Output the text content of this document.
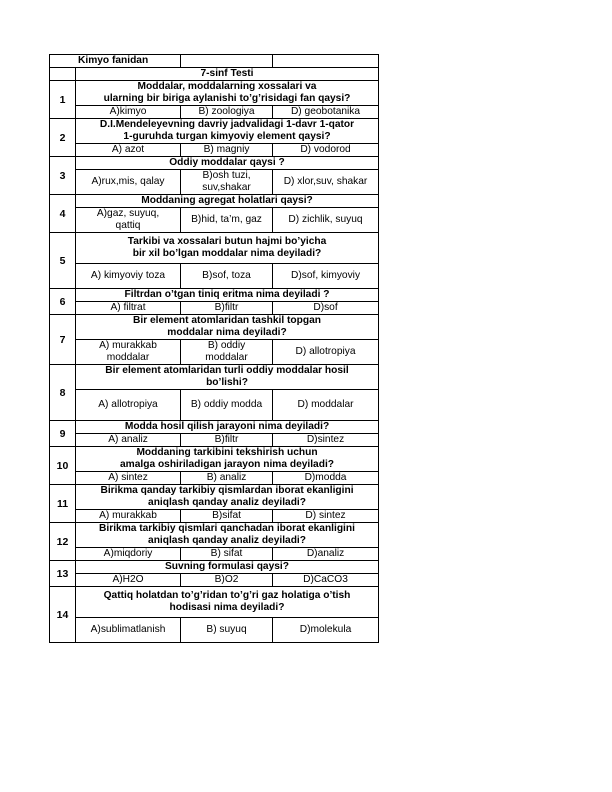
Kimyo fanidan			
	7-sinf Testi		
1	Moddalar, moddalarning xossalari va
ularning bir biriga aylanishi to’g’risidagi fan qaysi?		
	A)kimyo	B) zoologiya	D) geobotanika
2	D.I.Mendeleyevning davriy jadvalidagi 1-davr 1-qator
1-guruhda turgan kimyoviy element qaysi?		
	A) azot	B) magniy	D) vodorod
3	Oddiy moddalar qaysi ?		
	A)rux,mis, qalay	B)osh tuzi,
suv,shakar	D) xlor,suv, shakar
4	Moddaning agregat holatlari qaysi?		
	A)gaz, suyuq,
qattiq	B)hid, ta’m, gaz	D) zichlik, suyuq
5	Tarkibi va xossalari butun hajmi bo’yicha
bir xil bo’lgan moddalar nima deyiladi?		
	A) kimyoviy toza	B)sof, toza	D)sof, kimyoviy
6	Filtrdan o’tgan tiniq eritma nima deyiladi ?		
	A) filtrat	B)filtr	D)sof
7	Bir element atomlaridan tashkil topgan
moddalar nima deyiladi?		
	A) murakkab
moddalar	B) oddiy
moddalar	D) allotropiya
8	Bir element atomlaridan turli oddiy moddalar hosil
bo’lishi?		
	A) allotropiya	B) oddiy modda	D) moddalar
9	Modda hosil qilish jarayoni nima deyiladi?		
	A) analiz	B)filtr	D)sintez
10	Moddaning tarkibini tekshirish uchun
amalga oshiriladigan jarayon nima deyiladi?		
	A) sintez	B) analiz	D)modda
11	Birikma qanday tarkibiy qismlardan iborat ekanligini
aniqlash qanday analiz deyiladi?		
	A) murakkab	B)sifat	D) sintez
12	Birikma tarkibiy qismlari qanchadan iborat ekanligini
aniqlash qanday analiz deyiladi?		
	A)miqdoriy	B) sifat	D)analiz
13	Suvning formulasi qaysi?		
	A)H2O	B)O2	D)CaCO3
14	Qattiq holatdan to’g’ridan to’g’ri gaz holatiga o’tish
hodisasi nima deyiladi?		
	A)sublimatlanish	B) suyuq	D)molekula
